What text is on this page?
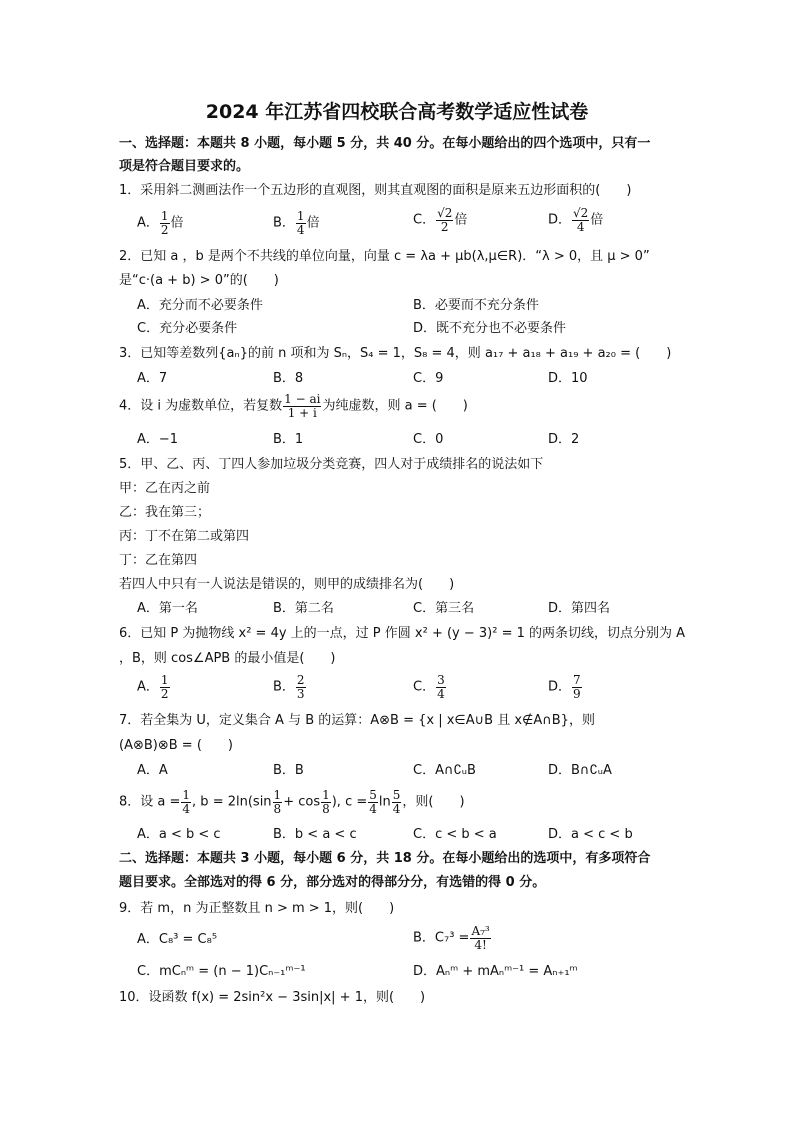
2024 年江苏省四校联合高考数学适应性试卷
一、选择题：本题共 8 小题，每小题 5 分，共 40 分。在每小题给出的四个选项中，只有一
项是符合题目要求的。
1．采用斜二测画法作一个五边形的直观图，则其直观图的面积是原来五边形面积的(　　)
A． $\frac{1}{2}$ 倍	B． $\frac{1}{4}$ 倍	C． $\frac{√2}{2}$ 倍	D． $\frac{√2}{4}$ 倍
2．已知 a ，b 是两个不共线的单位向量，向量 c = λa + μb(λ,μ∈R)．“λ > 0，且 μ > 0”
是“c·(a + b) > 0”的(　　)
A．充分而不必要条件	B．必要而不充分条件
C．充分必要条件	D．既不充分也不必要条件
3．已知等差数列{aₙ}的前 n 项和为 Sₙ，S₄ = 1，S₈ = 4，则 a₁₇ + a₁₈ + a₁₉ + a₂₀ = (　　)
A．7	B．8	C．9	D．10
4．设 i 为虚数单位，若复数 $\frac{1 - ai}{1 + i}$ 为纯虚数，则 a = (　　)
A．−1	B．1	C．0	D．2
5．甲、乙、丙、丁四人参加垃圾分类竞赛，四人对于成绩排名的说法如下
甲：乙在丙之前
乙：我在第三；
丙：丁不在第二或第四
丁：乙在第四
若四人中只有一人说法是错误的，则甲的成绩排名为(　　)
A．第一名	B．第二名	C．第三名	D．第四名
6．已知 P 为抛物线 x² = 4y 上的一点，过 P 作圆 x² + (y − 3)² = 1 的两条切线，切点分别为 A
，B，则 cos∠APB 的最小值是(　　)
A． $\frac{1}{2}$	B． $\frac{2}{3}$	C． $\frac{3}{4}$	D． $\frac{7}{9}$
7．若全集为 U，定义集合 A 与 B 的运算：A⊗B = {x | x∈A∪B 且 x∉A∩B}，则
(A⊗B)⊗B = (　　)
A．A	B．B	C．A∩∁ᵤB	D．B∩∁ᵤA
8．设 $a = \frac{1}{4}$ , $b = 2\ln(\sin \frac{1}{8} + \cos \frac{1}{8}$ ), $c = \frac{5}{4}$ $\ln \frac{5}{4}$ ，则(　　)
A．a < b < c	B．b < a < c	C．c < b < a	D．a < c < b
二、选择题：本题共 3 小题，每小题 6 分，共 18 分。在每小题给出的选项中，有多项符合
题目要求。全部选对的得 6 分，部分选对的得部分分，有选错的得 0 分。
9．若 m，n 为正整数且 n > m > 1，则(　　)
A．C₈³ = C₈⁵	B．$C_7^3 = \frac{\text{A₇³}}{4!}$
C．mCₙᵐ = (n − 1)Cₙ₋₁ᵐ⁻¹	D．Aₙᵐ + mAₙᵐ⁻¹ = Aₙ₊₁ᵐ
10．设函数 f(x) = 2sin²x − 3sin|x| + 1，则(　　)
